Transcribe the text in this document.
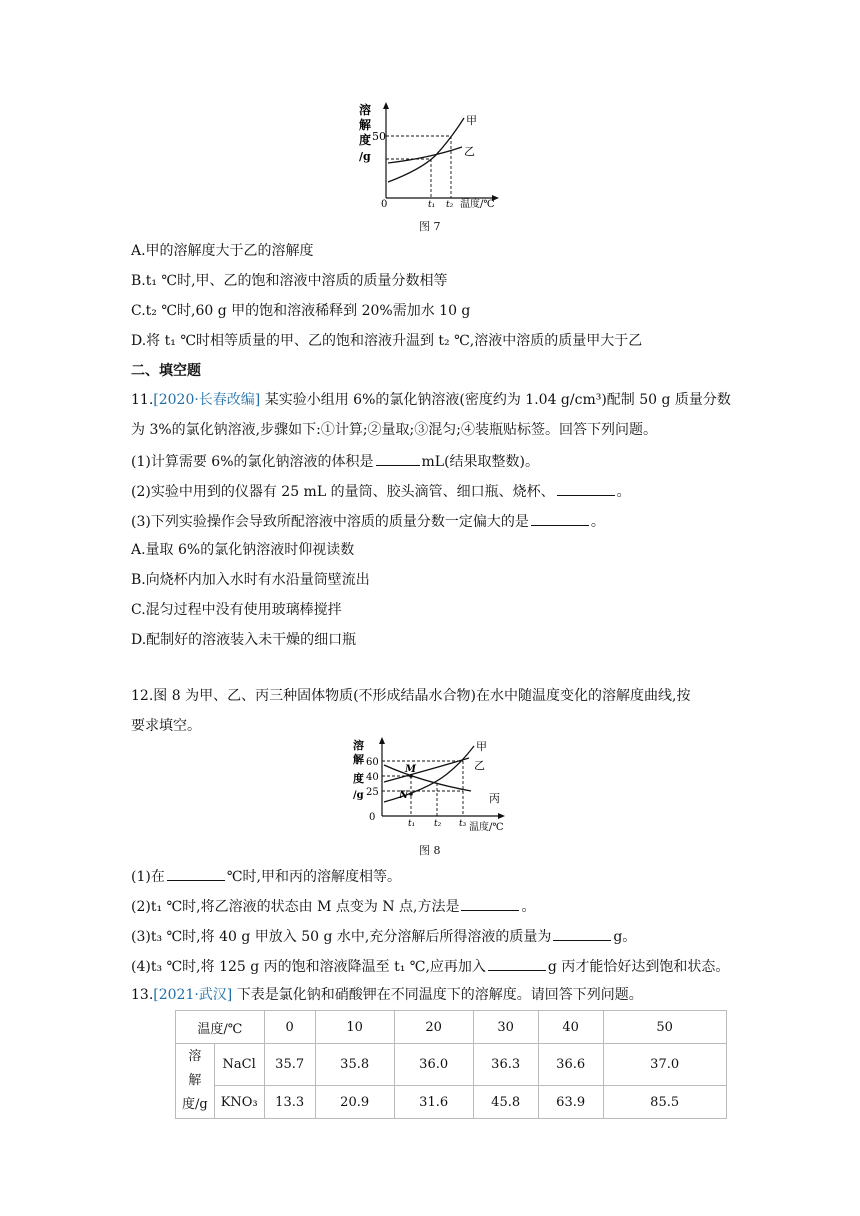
溶
解
度
/g
50
0
甲
乙
t₁ t₂ 温度/℃
图 7
A.甲的溶解度大于乙的溶解度
B.t₁ ℃时,甲、乙的饱和溶液中溶质的质量分数相等
C.t₂ ℃时,60 g 甲的饱和溶液稀释到 20%需加水 10 g
D.将 t₁ ℃时相等质量的甲、乙的饱和溶液升温到 t₂ ℃,溶液中溶质的质量甲大于乙
二、填空题
11.[2020·长春改编] 某实验小组用 6%的氯化钠溶液(密度约为 1.04 g/cm³)配制 50 g 质量分数
为 3%的氯化钠溶液,步骤如下:①计算;②量取;③混匀;④装瓶贴标签。回答下列问题。
(1)计算需要 6%的氯化钠溶液的体积是	mL(结果取整数)。
(2)实验中用到的仪器有 25 mL 的量筒、胶头滴管、细口瓶、烧杯、	。
(3)下列实验操作会导致所配溶液中溶质的质量分数一定偏大的是	。
A.量取 6%的氯化钠溶液时仰视读数
B.向烧杯内加入水时有水沿量筒壁流出
C.混匀过程中没有使用玻璃棒搅拌
D.配制好的溶液装入未干燥的细口瓶
12.图 8 为甲、乙、丙三种固体物质(不形成结晶水合物)在水中随温度变化的溶解度曲线,按
要求填空。
溶
解
度
/g
60
40
25
0
M
N
甲
乙
丙
t₁ t₂ t₃ 温度/℃
图 8
(1)在	℃时,甲和丙的溶解度相等。
(2)t₁ ℃时,将乙溶液的状态由 M 点变为 N 点,方法是	。
(3)t₃ ℃时,将 40 g 甲放入 50 g 水中,充分溶解后所得溶液的质量为	g。
(4)t₃ ℃时,将 125 g 丙的饱和溶液降温至 t₁ ℃,应再加入	g 丙才能恰好达到饱和状态。
13.[2021·武汉] 下表是氯化钠和硝酸钾在不同温度下的溶解度。请回答下列问题。
温度/℃		0	10	20	30	40	50
溶解度/g	NaCl	35.7	35.8	36.0	36.3	36.6	37.0
	KNO₃	13.3	20.9	31.6	45.8	63.9	85.5
